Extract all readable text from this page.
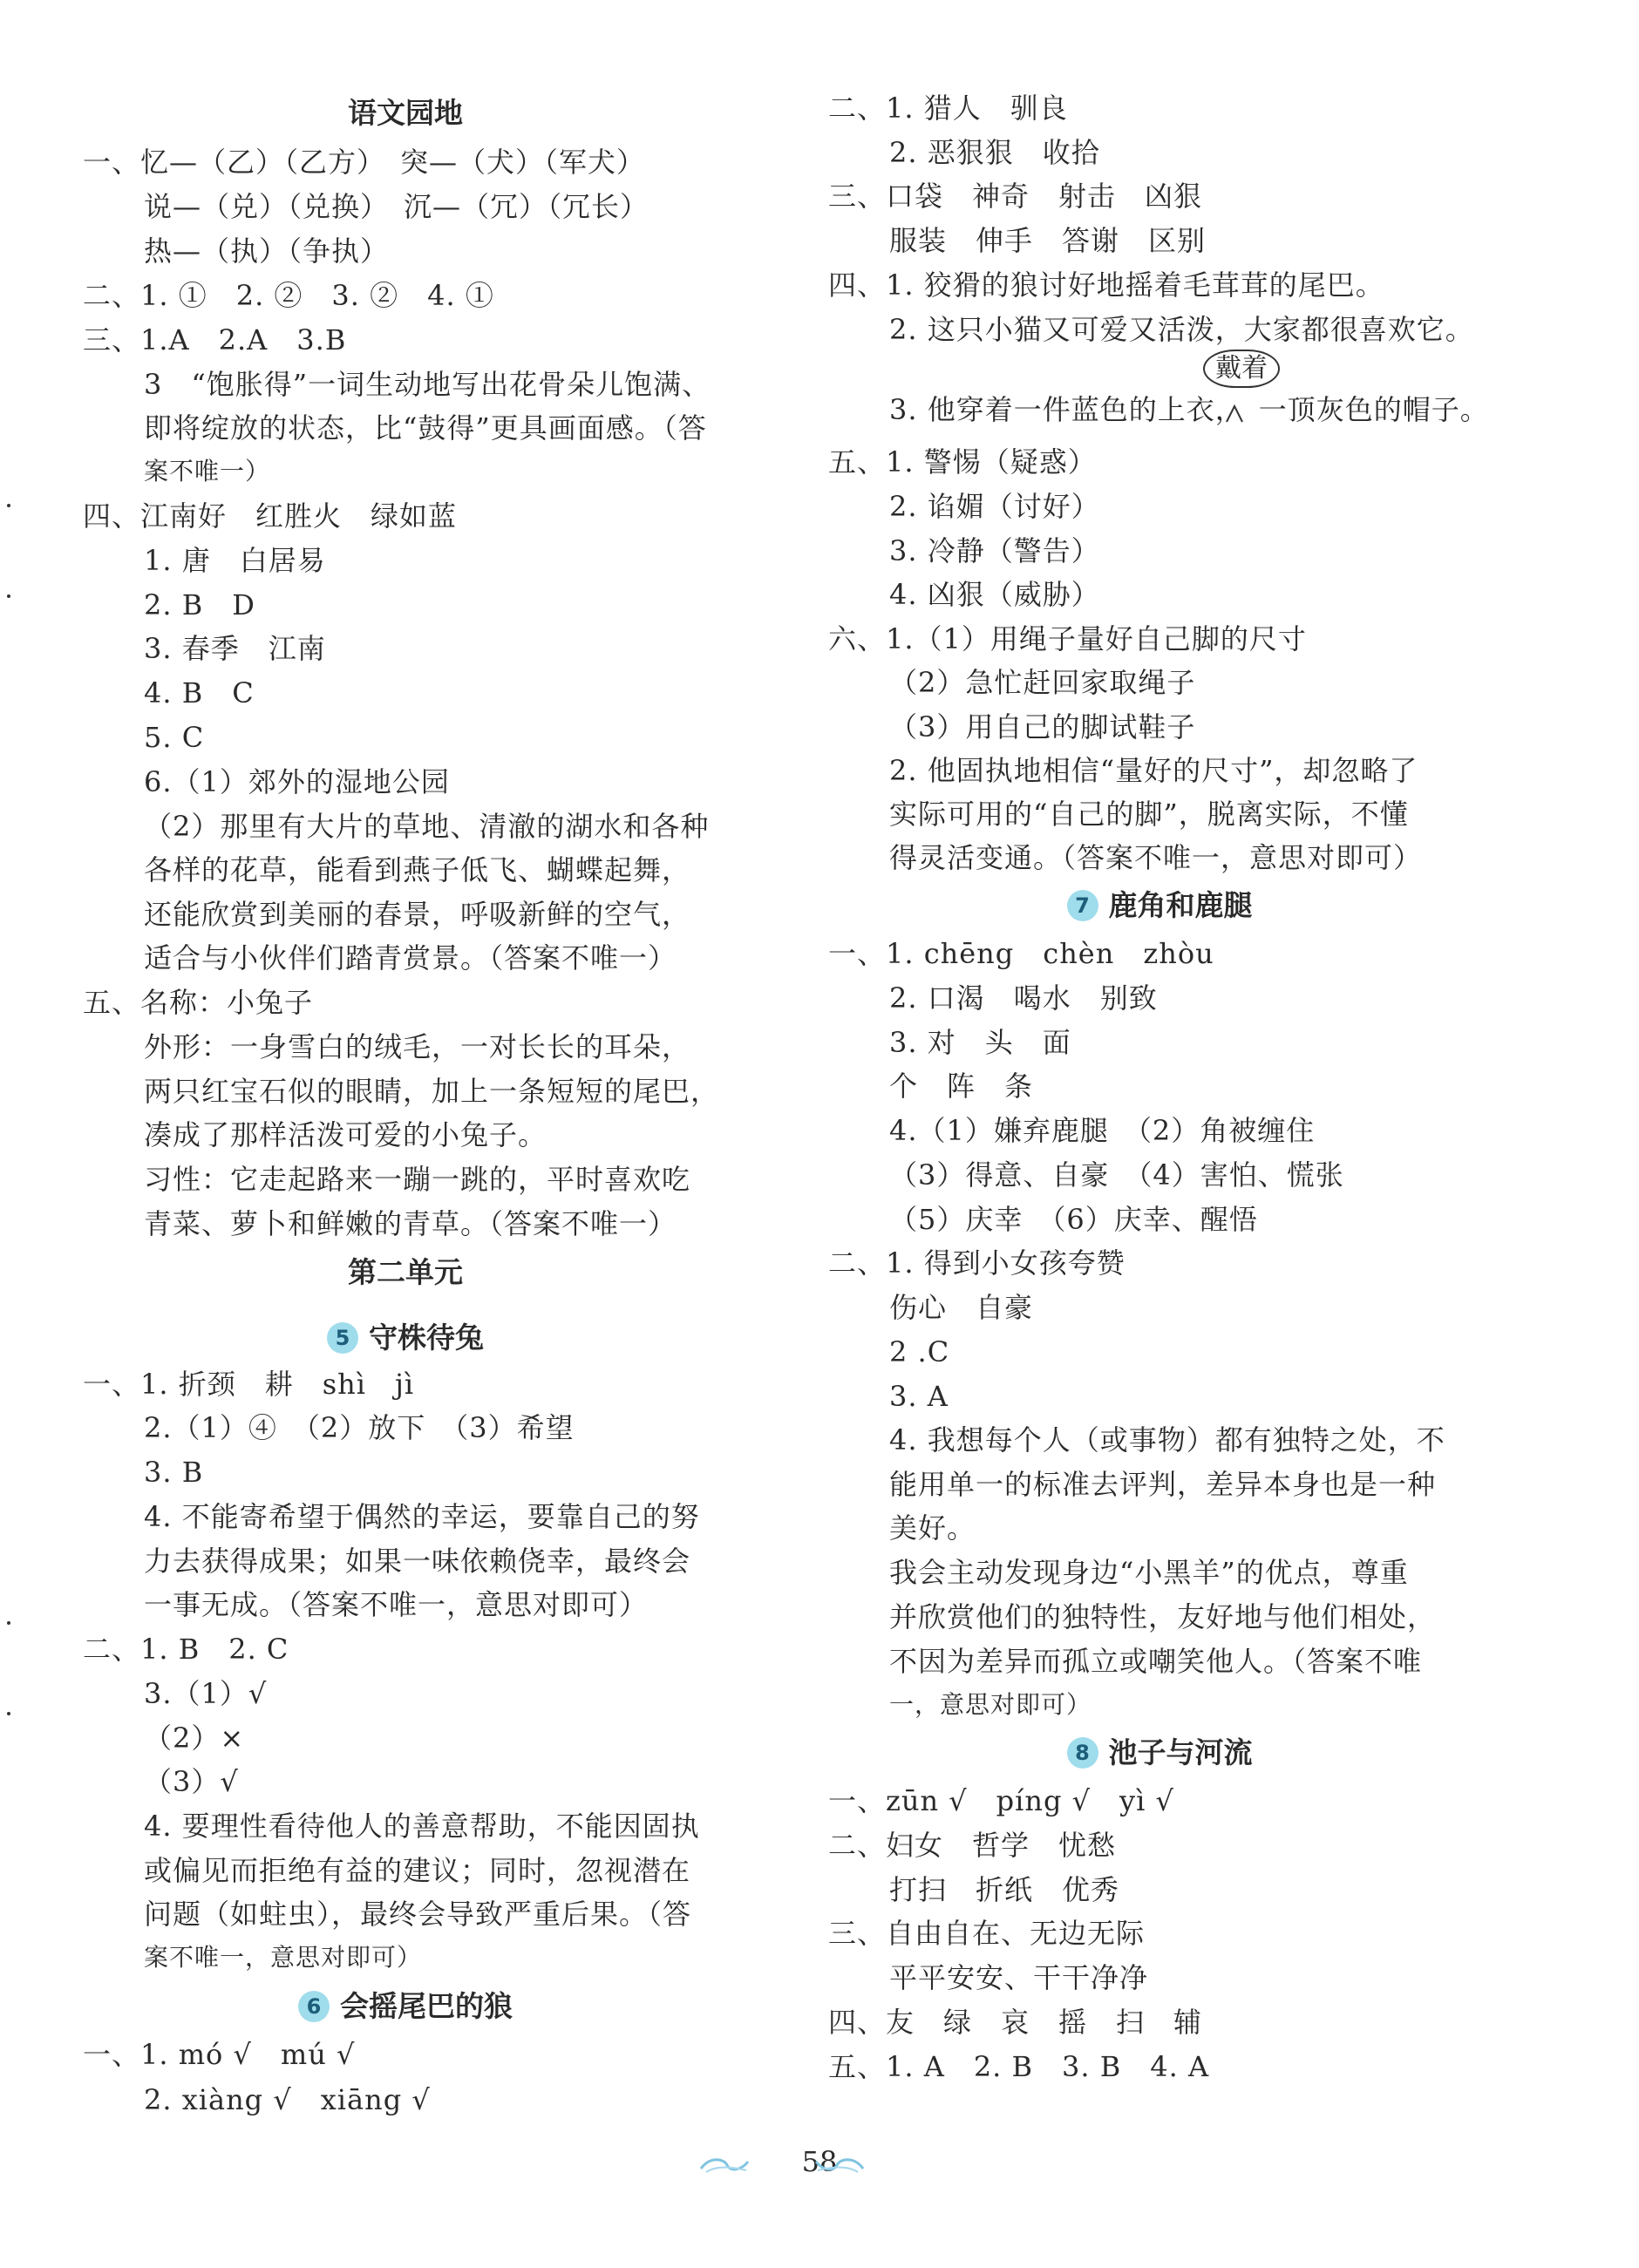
语文园地
一、忆—（乙）（乙方）　突—（犬）（军犬）
说—（兑）（兑换）　沉—（冗）（冗长）
热—（执）（争执）
二、1. ①　2. ②　3. ②　4. ①
三、1.A　2.A　3.B
3　“饱胀得”一词生动地写出花骨朵儿饱满、
即将绽放的状态，比“鼓得”更具画面感。（答
案不唯一）
四、江南好　红胜火　绿如蓝
1. 唐　白居易
2. B　D
3. 春季　江南
4. B　C
5. C
6.（1）郊外的湿地公园
（2）那里有大片的草地、清澈的湖水和各种
各样的花草，能看到燕子低飞、蝴蝶起舞，
还能欣赏到美丽的春景，呼吸新鲜的空气，
适合与小伙伴们踏青赏景。（答案不唯一）
五、名称：小兔子
外形：一身雪白的绒毛，一对长长的耳朵，
两只红宝石似的眼睛，加上一条短短的尾巴，
凑成了那样活泼可爱的小兔子。
习性：它走起路来一蹦一跳的，平时喜欢吃
青菜、萝卜和鲜嫩的青草。（答案不唯一）
第二单元
5 守株待兔
一、1. 折颈　耕　shì　jì
2.（1）④　（2）放下　（3）希望
3. B
4. 不能寄希望于偶然的幸运，要靠自己的努
力去获得成果；如果一味依赖侥幸，最终会
一事无成。（答案不唯一，意思对即可）
二、1. B　2. C
3.（1）√
（2）×
（3）√
4. 要理性看待他人的善意帮助，不能因固执
或偏见而拒绝有益的建议；同时，忽视潜在
问题（如蛀虫），最终会导致严重后果。（答
案不唯一，意思对即可）
6 会摇尾巴的狼
一、1. mó √　mú √
2. xiàng √　xiāng √
戴着
二、1. 猎人　驯良
2. 恶狠狠　收拾
三、口袋　神奇　射击　凶狠
服装　伸手　答谢　区别
四、1. 狡猾的狼讨好地摇着毛茸茸的尾巴。
2. 这只小猫又可爱又活泼，大家都很喜欢它。
3. 他穿着一件蓝色的上衣，　一顶灰色的帽子。
五、1. 警惕（疑惑）
2. 谄媚（讨好）
3. 冷静（警告）
4. 凶狠（威胁）
六、1.（1）用绳子量好自己脚的尺寸
（2）急忙赶回家取绳子
（3）用自己的脚试鞋子
2. 他固执地相信“量好的尺寸”，却忽略了
实际可用的“自己的脚”，脱离实际，不懂
得灵活变通。（答案不唯一，意思对即可）
7 鹿角和鹿腿
一、1. chēng　chèn　zhòu
2. 口渴　喝水　别致
3. 对　头　面
个　阵　条
4.（1）嫌弃鹿腿　（2）角被缠住
（3）得意、自豪　（4）害怕、慌张
（5）庆幸　（6）庆幸、醒悟
二、1. 得到小女孩夸赞
伤心　自豪
2 .C
3. A
4. 我想每个人（或事物）都有独特之处，不
能用单一的标准去评判，差异本身也是一种
美好。
我会主动发现身边“小黑羊”的优点，尊重
并欣赏他们的独特性，友好地与他们相处，
不因为差异而孤立或嘲笑他人。（答案不唯
一，意思对即可）
8 池子与河流
一、zūn √　píng √　yì √
二、妇女　哲学　忧愁
打扫　折纸　优秀
三、自由自在、无边无际
平平安安、干干净净
四、友　绿　哀　摇　扫　辅
五、1. A　2. B　3. B　4. A
58
